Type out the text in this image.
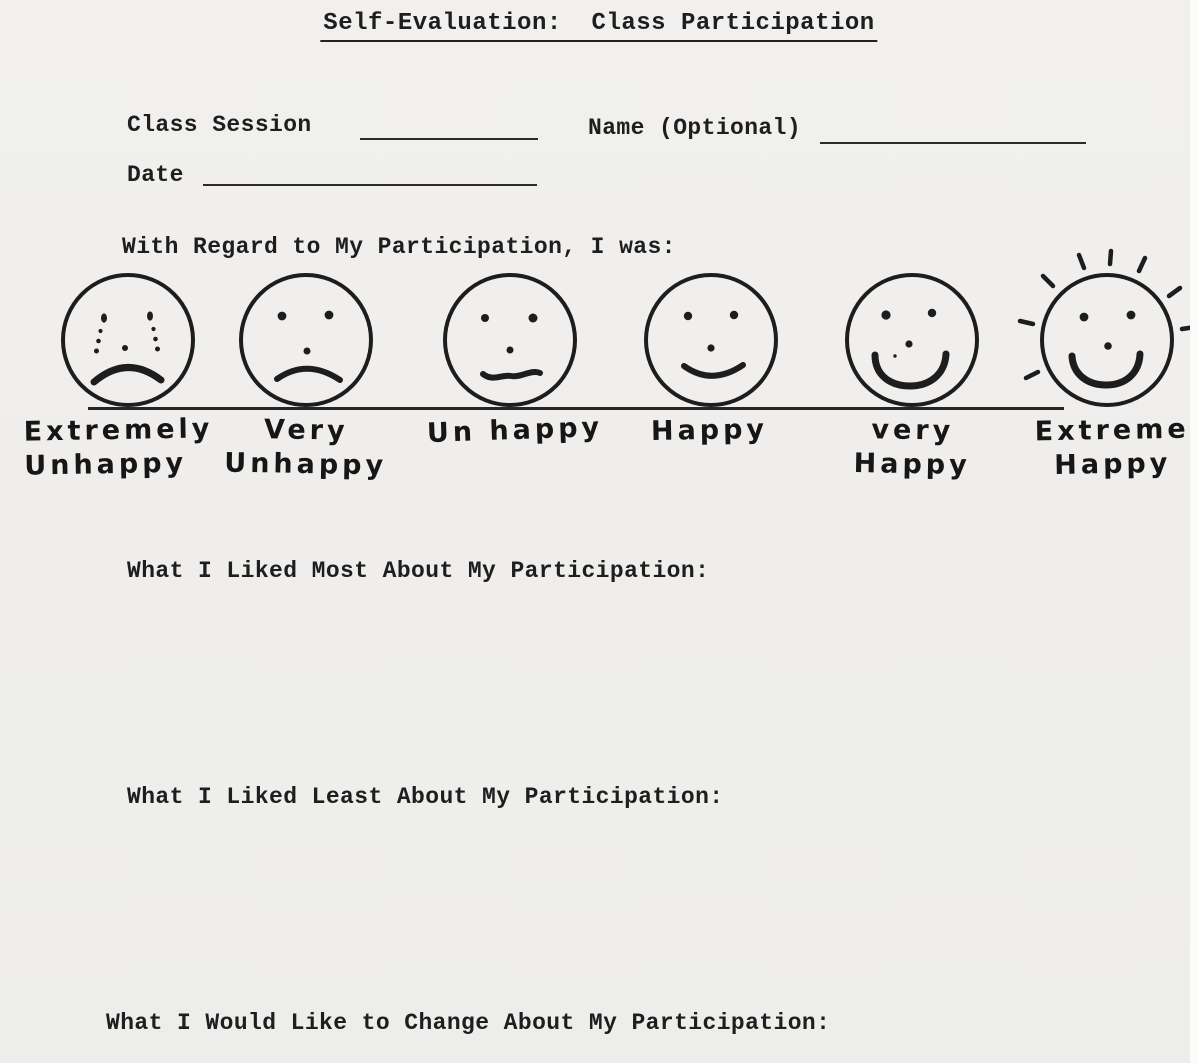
Self-Evaluation:  Class Participation
Class Session	Name (Optional)
Date
With Regard to My Participation, I was:
Extremely
Unhappy
Very
Unhappy
Un happy	Happy	very
Happy
Extreme
Happy
What I Liked Most About My Participation:
What I Liked Least About My Participation:
What I Would Like to Change About My Participation:
